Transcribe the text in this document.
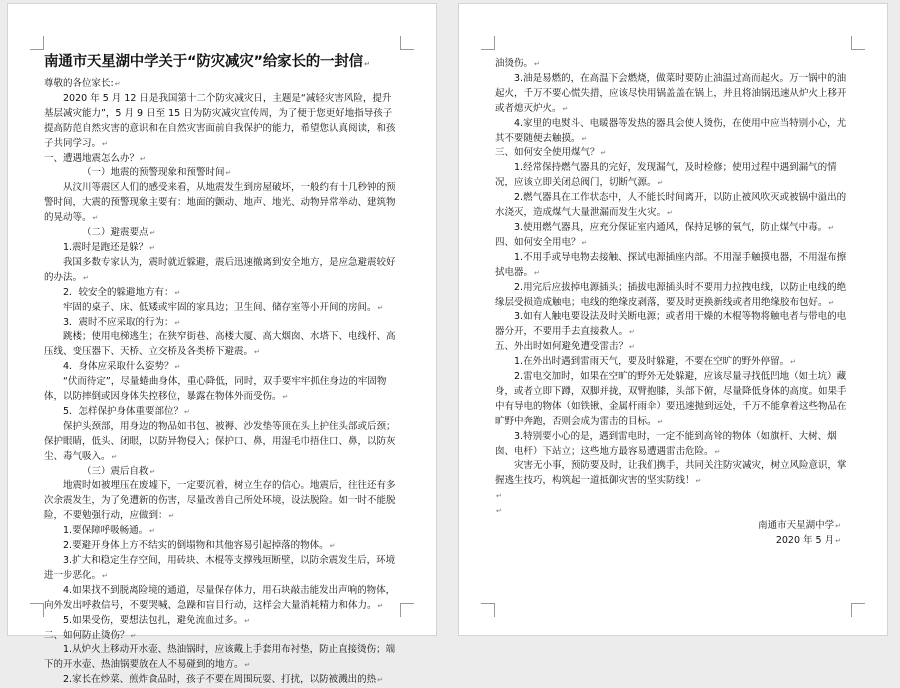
南通市天星湖中学关于“防灾减灾”给家长的一封信 ↵
尊敬的各位家长: ↵
2020 年 5 月 12 日是我国第十二个防灾减灾日，主题是“减轻灾害风险，提升基层减灾能力”，5 月 9 日至 15 日为防灾减灾宣传周，为了便于您更好地指导孩子提高防范自然灾害的意识和在自然灾害面前自我保护的能力，希望您认真阅读，和孩子共同学习。 ↵
一、遭遇地震怎么办？ ↵
（一）地震的预警现象和预警时间 ↵
从汶川等震区人们的感受来看，从地震发生到房屋破坏，一般约有十几秒钟的预警时间，大震的预警现象主要有：地面的颤动、地声、地光、动物异常举动、建筑物的晃动等。 ↵
（二）避震要点 ↵
1.震时是跑还是躲？ ↵
我国多数专家认为，震时就近躲避，震后迅速撤离到安全地方，是应急避震较好的办法。 ↵
2．较安全的躲避地方有： ↵
牢固的桌子、床、低矮或牢固的家具边；卫生间、储存室等小开间的房间。 ↵
3．震时不应采取的行为： ↵
跳楼；使用电梯逃生；在狭窄街巷、高楼大厦、高大烟囱、水塔下、电线杆、高压线、变压器下、天桥、立交桥及各类桥下避震。 ↵
4．身体应采取什么姿势？ ↵
“伏而待定”，尽量蜷曲身体，重心降低，同时，双手要牢牢抓住身边的牢固物体，以防摔倒或因身体失控移位，暴露在物体外而受伤。 ↵
5．怎样保护身体重要部位？ ↵
保护头颈部，用身边的物品如书包、被褥、沙发垫等顶在头上护住头部或后颈；保护眼睛，低头、闭眼，以防异物侵入；保护口、鼻，用湿毛巾捂住口、鼻，以防灰尘、毒气吸入。 ↵
（三）震后自救 ↵
地震时如被埋压在废墟下，一定要沉着，树立生存的信心。地震后，往往还有多次余震发生，为了免遭新的伤害，尽量改善自己所处环境，设法脱险。如一时不能脱险，不要勉强行动，应做到： ↵
1.要保障呼吸畅通。 ↵
2.要避开身体上方不结实的倒塌物和其他容易引起掉落的物体。 ↵
3.扩大和稳定生存空间，用砖块、木棍等支撑残垣断壁，以防余震发生后，环境进一步恶化。 ↵
4.如果找不到脱离险境的通道，尽量保存体力，用石块敲击能发出声响的物体，向外发出呼救信号，不要哭喊、急躁和盲目行动，这样会大量消耗精力和体力。 ↵
5.如果受伤，要想法包扎，避免流血过多。 ↵
二、如何防止烫伤？ ↵
1.从炉火上移动开水壶、热油锅时，应该戴上手套用布衬垫，防止直接烫伤；端下的开水壶、热油锅要放在人不易碰到的地方。 ↵
2.家长在炒菜、煎炸食品时，孩子不要在周围玩耍、打扰，以防被溅出的热 ↵
油烫伤。 ↵
3.油是易燃的，在高温下会燃烧，做菜时要防止油温过高而起火。万一锅中的油起火，千万不要心慌失措，应该尽快用锅盖盖在锅上，并且将油锅迅速从炉火上移开或者熄灭炉火。 ↵
4.家里的电熨斗、电暖器等发热的器具会使人烫伤，在使用中应当特别小心，尤其不要随便去触摸。 ↵
三、如何安全使用煤气？ ↵
1.经常保持燃气器具的完好，发现漏气，及时检修；使用过程中遇到漏气的情况，应该立即关闭总阀门，切断气源。 ↵
2.燃气器具在工作状态中，人不能长时间离开，以防止被风吹灭或被锅中溢出的水浇灭，造成煤气大量泄漏而发生火灾。 ↵
3.使用燃气器具，应充分保证室内通风，保持足够的氧气，防止煤气中毒。 ↵
四、如何安全用电？ ↵
1.不用手或导电物去接触、探试电源插座内部。不用湿手触摸电器，不用湿布擦拭电器。 ↵
2.用完后应拔掉电源插头；插拔电源插头时不要用力拉拽电线，以防止电线的绝缘层受损造成触电；电线的绝缘皮剥落，要及时更换新线或者用绝缘胶布包好。 ↵
3.如有人触电要设法及时关断电源；或者用干燥的木棍等物将触电者与带电的电器分开，不要用手去直接救人。 ↵
五、外出时如何避免遭受雷击？ ↵
1.在外出时遇到雷雨天气，要及时躲避，不要在空旷的野外停留。 ↵
2.雷电交加时，如果在空旷的野外无处躲避，应该尽量寻找低凹地（如土坑）藏身，或者立即下蹲，双脚并拢，双臂抱膝，头部下俯，尽量降低身体的高度。如果手中有导电的物体（如铁锹、金属杆雨伞）要迅速抛到远处，千万不能拿着这些物品在旷野中奔跑，否则会成为雷击的目标。 ↵
3.特别要小心的是，遇到雷电时，一定不能到高耸的物体（如旗杆、大树、烟囱、电杆）下站立；这些地方最容易遭遇雷击危险。 ↵
灾害无小事，预防要及时，让我们携手，共同关注防灾减灾，树立风险意识，掌握逃生技巧，构筑起一道抵御灾害的坚实防线！ ↵
↵
↵
南通市天星湖中学 ↵
2020 年 5 月 ↵
